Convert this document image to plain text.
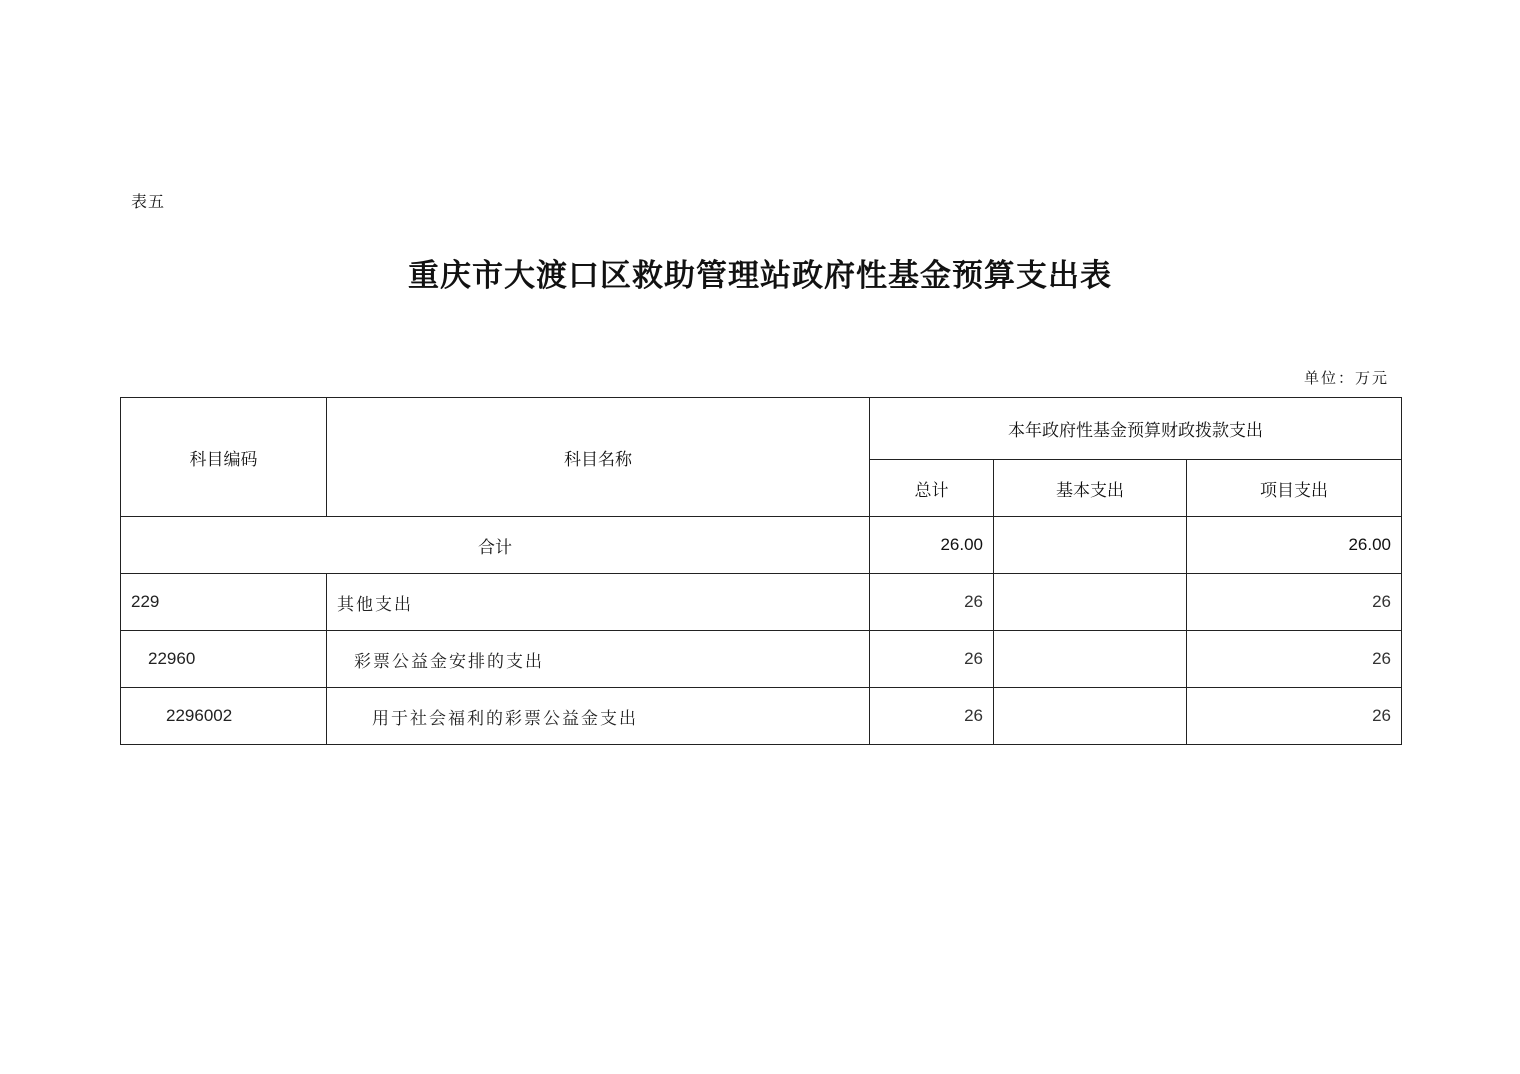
表五
重庆市大渡口区救助管理站政府性基金预算支出表
单位：万元
科目编码	科目名称	本年政府性基金预算财政拨款支出		
		总计	基本支出	项目支出
合计		26.00		26.00
229	其他支出	26		26
22960	彩票公益金安排的支出	26		26
2296002	用于社会福利的彩票公益金支出	26		26
